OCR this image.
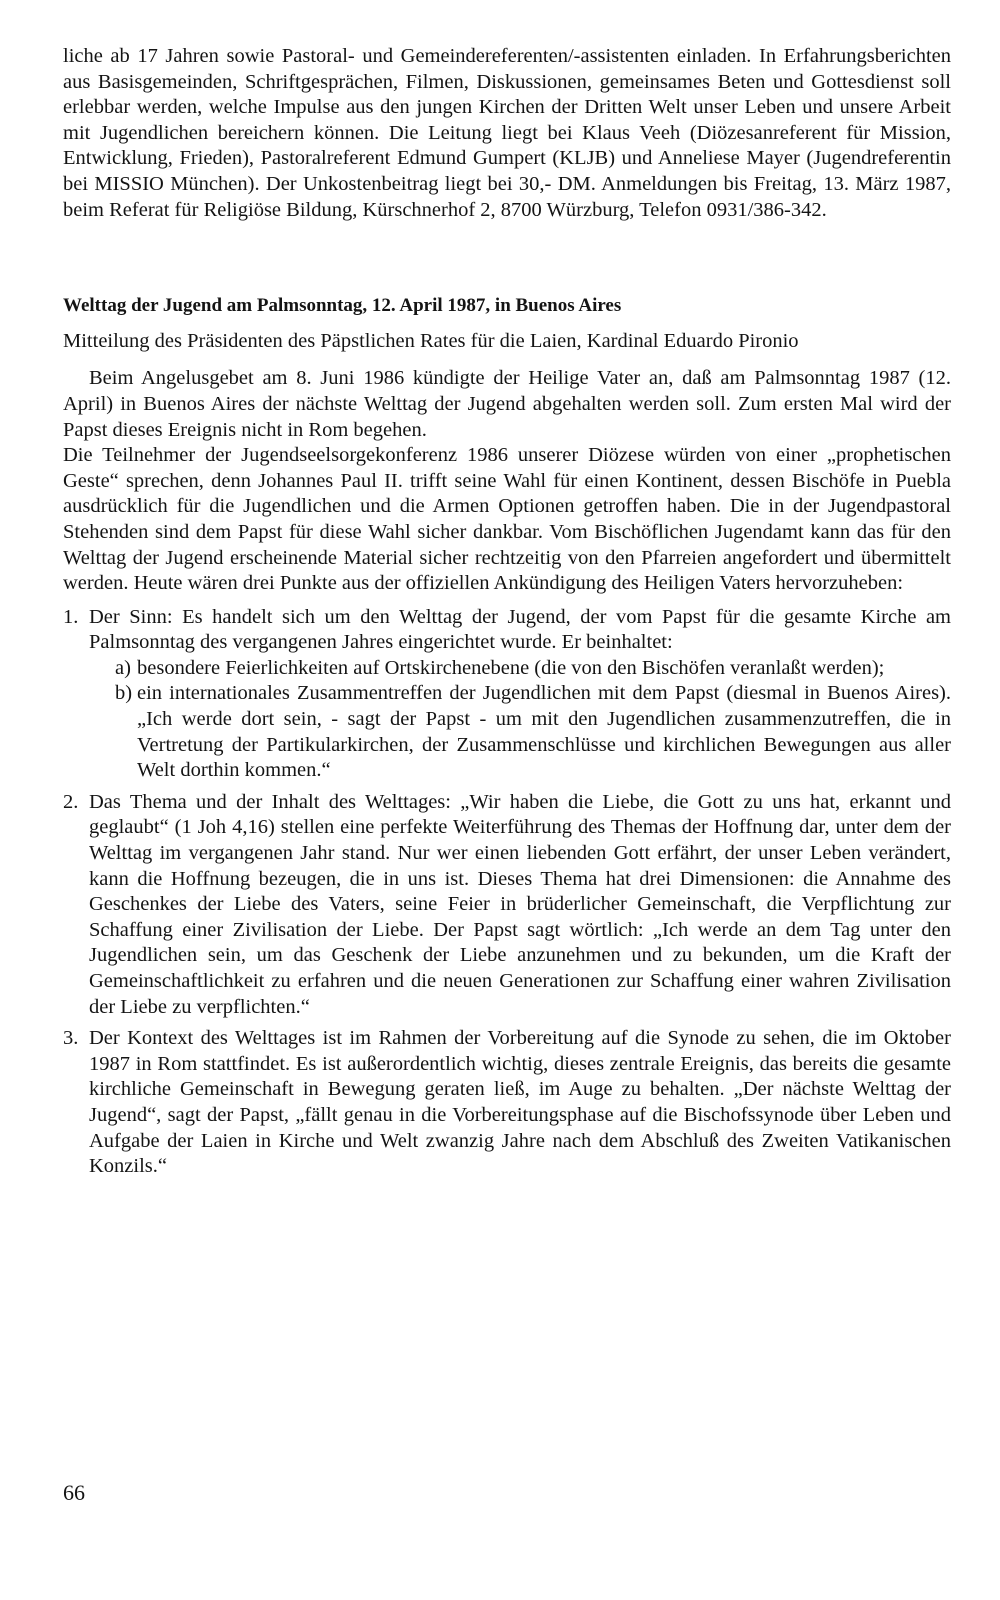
liche ab 17 Jahren sowie Pastoral- und Gemeindereferenten/-assistenten einladen. In Erfahrungsberichten aus Basisgemeinden, Schriftgesprächen, Filmen, Diskussionen, gemeinsames Beten und Gottesdienst soll erlebbar werden, welche Impulse aus den jungen Kirchen der Dritten Welt unser Leben und unsere Arbeit mit Jugendlichen bereichern können. Die Leitung liegt bei Klaus Veeh (Diözesanreferent für Mission, Entwicklung, Frieden), Pastoralreferent Edmund Gumpert (KLJB) und Anneliese Mayer (Jugendreferentin bei MISSIO München). Der Unkostenbeitrag liegt bei 30,- DM. Anmeldungen bis Freitag, 13. März 1987, beim Referat für Religiöse Bildung, Kürschnerhof 2, 8700 Würzburg, Telefon 0931/386-342.

Welttag der Jugend am Palmsonntag, 12. April 1987, in Buenos Aires

Mitteilung des Präsidenten des Päpstlichen Rates für die Laien, Kardinal Eduardo Pironio

Beim Angelusgebet am 8. Juni 1986 kündigte der Heilige Vater an, daß am Palmsonntag 1987 (12. April) in Buenos Aires der nächste Welttag der Jugend abgehalten werden soll. Zum ersten Mal wird der Papst dieses Ereignis nicht in Rom begehen.

Die Teilnehmer der Jugendseelsorgekonferenz 1986 unserer Diözese würden von einer „prophetischen Geste“ sprechen, denn Johannes Paul II. trifft seine Wahl für einen Kontinent, dessen Bischöfe in Puebla ausdrücklich für die Jugendlichen und die Armen Optionen getroffen haben. Die in der Jugendpastoral Stehenden sind dem Papst für diese Wahl sicher dankbar. Vom Bischöflichen Jugendamt kann das für den Welttag der Jugend erscheinende Material sicher rechtzeitig von den Pfarreien angefordert und übermittelt werden. Heute wären drei Punkte aus der offiziellen Ankündigung des Heiligen Vaters hervorzuheben:

1. Der Sinn: Es handelt sich um den Welttag der Jugend, der vom Papst für die gesamte Kirche am Palmsonntag des vergangenen Jahres eingerichtet wurde. Er beinhaltet:
a) besondere Feierlichkeiten auf Ortskirchenebene (die von den Bischöfen veranlaßt werden);
b) ein internationales Zusammentreffen der Jugendlichen mit dem Papst (diesmal in Buenos Aires). „Ich werde dort sein, - sagt der Papst - um mit den Jugendlichen zusammenzutreffen, die in Vertretung der Partikularkirchen, der Zusammenschlüsse und kirchlichen Bewegungen aus aller Welt dorthin kommen.“
2. Das Thema und der Inhalt des Welttages: „Wir haben die Liebe, die Gott zu uns hat, erkannt und geglaubt“ (1 Joh 4,16) stellen eine perfekte Weiterführung des Themas der Hoffnung dar, unter dem der Welttag im vergangenen Jahr stand. Nur wer einen liebenden Gott erfährt, der unser Leben verändert, kann die Hoffnung bezeugen, die in uns ist. Dieses Thema hat drei Dimensionen: die Annahme des Geschenkes der Liebe des Vaters, seine Feier in brüderlicher Gemeinschaft, die Verpflichtung zur Schaffung einer Zivilisation der Liebe. Der Papst sagt wörtlich: „Ich werde an dem Tag unter den Jugendlichen sein, um das Geschenk der Liebe anzunehmen und zu bekunden, um die Kraft der Gemeinschaftlichkeit zu erfahren und die neuen Generationen zur Schaffung einer wahren Zivilisation der Liebe zu verpflichten.“
3. Der Kontext des Welttages ist im Rahmen der Vorbereitung auf die Synode zu sehen, die im Oktober 1987 in Rom stattfindet. Es ist außerordentlich wichtig, dieses zentrale Ereignis, das bereits die gesamte kirchliche Gemeinschaft in Bewegung geraten ließ, im Auge zu behalten. „Der nächste Welttag der Jugend“, sagt der Papst, „fällt genau in die Vorbereitungsphase auf die Bischofssynode über Leben und Aufgabe der Laien in Kirche und Welt zwanzig Jahre nach dem Abschluß des Zweiten Vatikanischen Konzils.“
66
